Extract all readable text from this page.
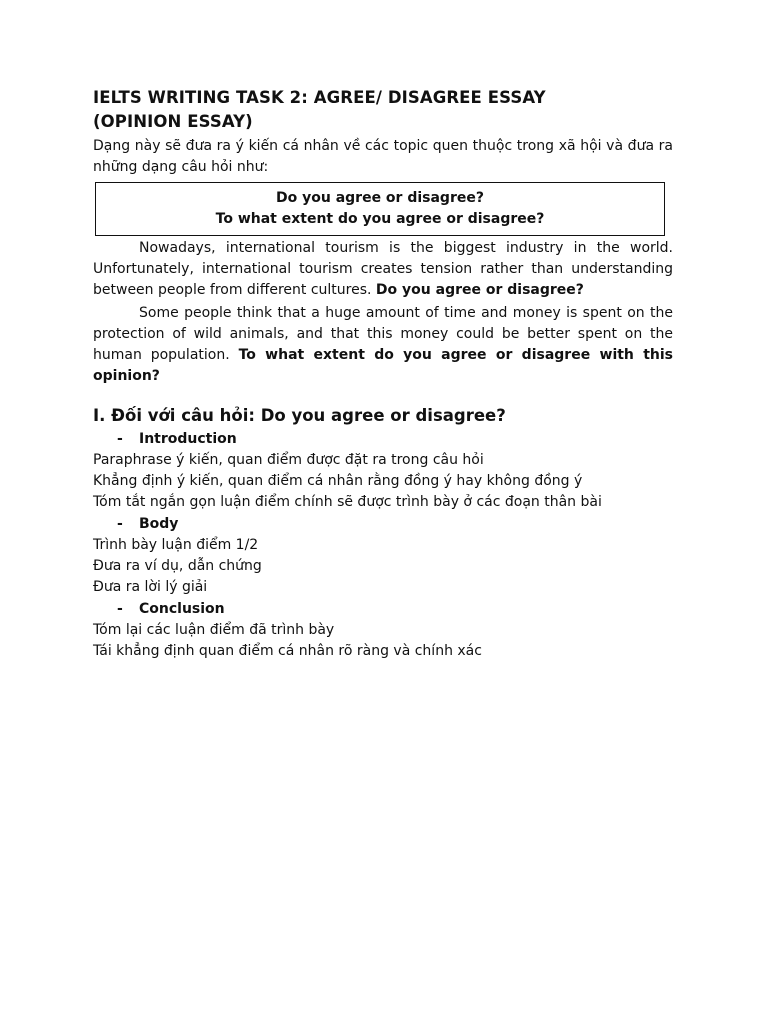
IELTS WRITING TASK 2: AGREE/ DISAGREE ESSAY
(OPINION ESSAY)

Dạng này sẽ đưa ra ý kiến cá nhân về các topic quen thuộc trong xã hội và đưa ra những dạng câu hỏi như:

Do you agree or disagree?
To what extent do you agree or disagree?

Nowadays, international tourism is the biggest industry in the world. Unfortunately, international tourism creates tension rather than understanding between people from different cultures. Do you agree or disagree?

Some people think that a huge amount of time and money is spent on the protection of wild animals, and that this money could be better spent on the human population. To what extent do you agree or disagree with this opinion?

I. Đối với câu hỏi: Do you agree or disagree?
- Introduction

Paraphrase ý kiến, quan điểm được đặt ra trong câu hỏi

Khẳng định ý kiến, quan điểm cá nhân rằng đồng ý hay không đồng ý

Tóm tắt ngắn gọn luận điểm chính sẽ được trình bày ở các đoạn thân bài

- Body

Trình bày luận điểm 1/2

Đưa ra ví dụ, dẫn chứng

Đưa ra lời lý giải

- Conclusion

Tóm lại các luận điểm đã trình bày

Tái khẳng định quan điểm cá nhân rõ ràng và chính xác
